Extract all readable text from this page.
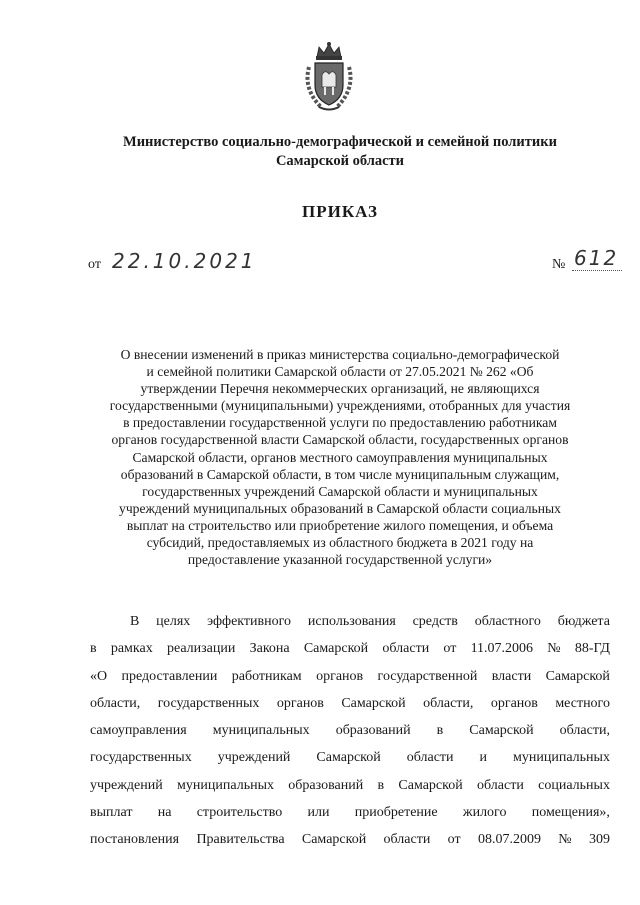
Министерство социально-демографической и семейной политики
Самарской области
ПРИКАЗ
от 22.10.2021	№ 612
О внесении изменений в приказ министерства социально-демографической
и семейной политики Самарской области от 27.05.2021 № 262 «Об
утверждении Перечня некоммерческих организаций, не являющихся
государственными (муниципальными) учреждениями, отобранных для участия
в предоставлении государственной услуги по предоставлению работникам
органов государственной власти Самарской области, государственных органов
Самарской области, органов местного самоуправления муниципальных
образований в Самарской области, в том числе муниципальным служащим,
государственных учреждений Самарской области и муниципальных
учреждений муниципальных образований в Самарской области социальных
выплат на строительство или приобретение жилого помещения, и объема
субсидий, предоставляемых из областного бюджета в 2021 году на
предоставление указанной государственной услуги»
В целях эффективного использования средств областного бюджета
в рамках реализации Закона Самарской области от 11.07.2006 № 88-ГД
«О предоставлении работникам органов государственной власти Самарской
области, государственных органов Самарской области, органов местного
самоуправления муниципальных образований в Самарской области,
государственных учреждений Самарской области и муниципальных
учреждений муниципальных образований в Самарской области социальных
выплат на строительство или приобретение жилого помещения»,
постановления Правительства Самарской области от 08.07.2009 № 309
